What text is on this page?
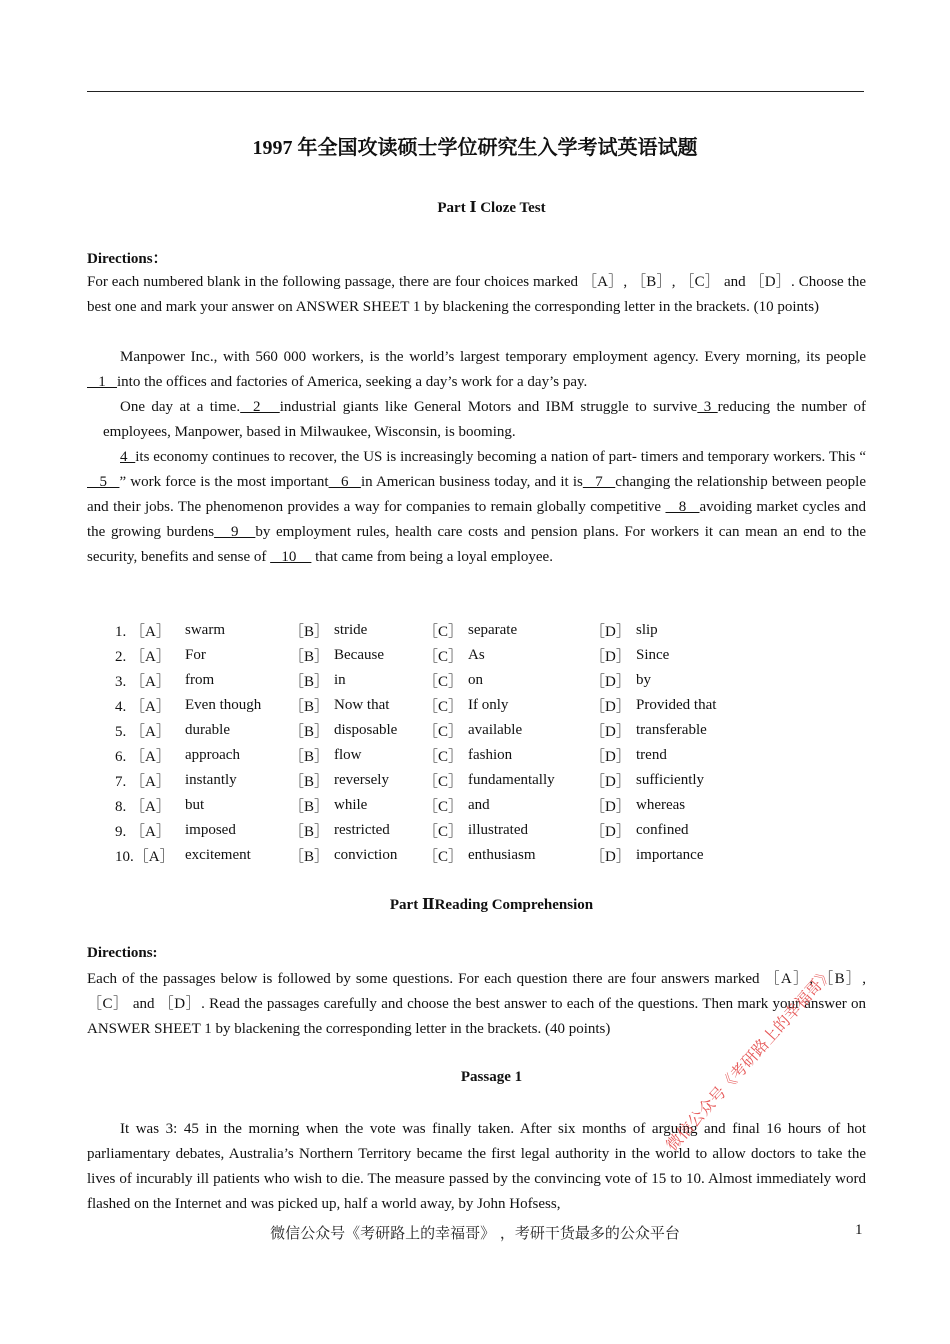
1997 年全国攻读硕士学位研究生入学考试英语试题
Part Ⅰ Cloze Test
Directions：

For each numbered blank in the following passage, there are four choices marked ［A］, ［B］, ［C］ and ［D］. Choose the best one and mark your answer on ANSWER SHEET 1 by blackening the corresponding letter in the brackets. (10 points)

Manpower Inc., with 560 000 workers, is the world’s largest temporary employment agency. Every morning, its people   1   into the offices and factories of America, seeking a day’s work for a day’s pay.

One day at a time.  2   industrial giants like General Motors and IBM struggle to survive 3 reducing the number of employees, Manpower, based in Milwaukee, Wisconsin, is booming.

4  its economy continues to recover, the US is increasingly becoming a nation of part- timers and temporary workers. This “   5   ” work force is the most important   6   in American business today, and it is   7   changing the relationship between people and their jobs. The phenomenon provides a way for companies to remain globally competitive    8   avoiding market cycles and the growing burdens   9   by employment rules, health care costs and pension plans. For workers it can mean an end to the security, benefits and sense of    10     that came from being a loyal employee.

1. ［A］	swarm	［B］	stride	［C］	separate	［D］	slip
2. ［A］	For	［B］	Because	［C］	As	［D］	Since
3. ［A］	from	［B］	in	［C］	on	［D］	by
4. ［A］	Even though	［B］	Now that	［C］	If only	［D］	Provided that
5. ［A］	durable	［B］	disposable	［C］	available	［D］	transferable
6. ［A］	approach	［B］	flow	［C］	fashion	［D］	trend
7. ［A］	instantly	［B］	reversely	［C］	fundamentally	［D］	sufficiently
8. ［A］	but	［B］	while	［C］	and	［D］	whereas
9. ［A］	imposed	［B］	restricted	［C］	illustrated	［D］	confined
10.［A］	excitement	［B］	conviction	［C］	enthusiasm	［D］	importance
Part ⅡReading Comprehension
Directions:

Each of the passages below is followed by some questions. For each question there are four answers marked ［A］, ［B］,［C］ and ［D］. Read the passages carefully and choose the best answer to each of the questions. Then mark your answer on ANSWER SHEET 1 by blackening the corresponding letter in the brackets. (40 points)

Passage 1

It was 3: 45 in the morning when the vote was finally taken. After six months of arguing and final 16 hours of hot parliamentary debates, Australia’s Northern Territory became the first legal authority in the world to allow doctors to take the lives of incurably ill patients who wish to die. The measure passed by the convincing vote of 15 to 10. Almost immediately word flashed on the Internet and was picked up, half a world away, by John Hofsess,

微信公众号《考研路上的幸福哥》
微信公众号《考研路上的幸福哥》 ，考研干货最多的公众平台	1
